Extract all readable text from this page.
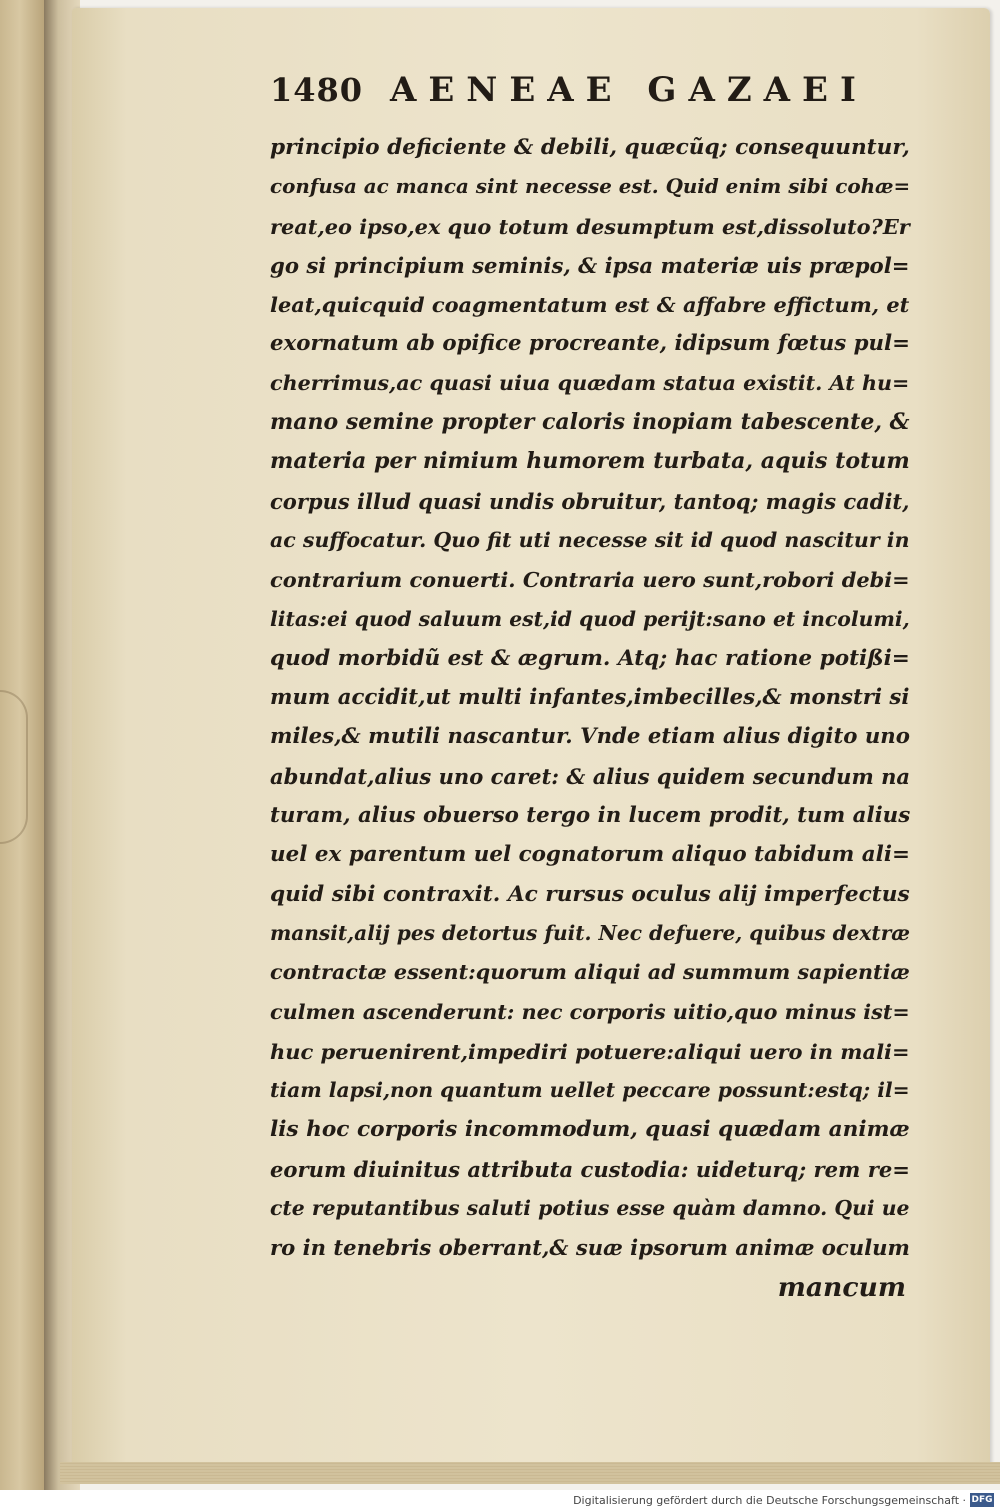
1480 AENEAE GAZAEI
principio deficiente & debili, quæcũq; consequuntur,
confusa ac manca sint necesse est. Quid enim sibi cohæ=
reat,eo ipso,ex quo totum desumptum est,dissoluto?Er
go si principium seminis, & ipsa materiæ uis præpol=
leat,quicquid coagmentatum est & affabre effictum, et
exornatum ab opifice procreante, idipsum fœtus pul=
cherrimus,ac quasi uiua quædam statua existit. At hu=
mano semine propter caloris inopiam tabescente, &
materia per nimium humorem turbata, aquis totum
corpus illud quasi undis obruitur, tantoq; magis cadit,
ac suffocatur. Quo fit uti necesse sit id quod nascitur in
contrarium conuerti. Contraria uero sunt,robori debi=
litas:ei quod saluum est,id quod perijt:sano et incolumi,
quod morbidũ est & ægrum. Atq; hac ratione potißi=
mum accidit,ut multi infantes,imbecilles,& monstri si
miles,& mutili nascantur. Vnde etiam alius digito uno
abundat,alius uno caret: & alius quidem secundum na
turam, alius obuerso tergo in lucem prodit, tum alius
uel ex parentum uel cognatorum aliquo tabidum ali=
quid sibi contraxit. Ac rursus oculus alij imperfectus
mansit,alij pes detortus fuit. Nec defuere, quibus dextræ
contractæ essent:quorum aliqui ad summum sapientiæ
culmen ascenderunt: nec corporis uitio,quo minus ist=
huc peruenirent,impediri potuere:aliqui uero in mali=
tiam lapsi,non quantum uellet peccare possunt:estq; il=
lis hoc corporis incommodum, quasi quædam animæ
eorum diuinitus attributa custodia: uideturq; rem re=
cte reputantibus saluti potius esse quàm damno. Qui ue
ro in tenebris oberrant,& suæ ipsorum animæ oculum
mancum
Digitalisierung gefördert durch die Deutsche Forschungsgemeinschaft · DFG
